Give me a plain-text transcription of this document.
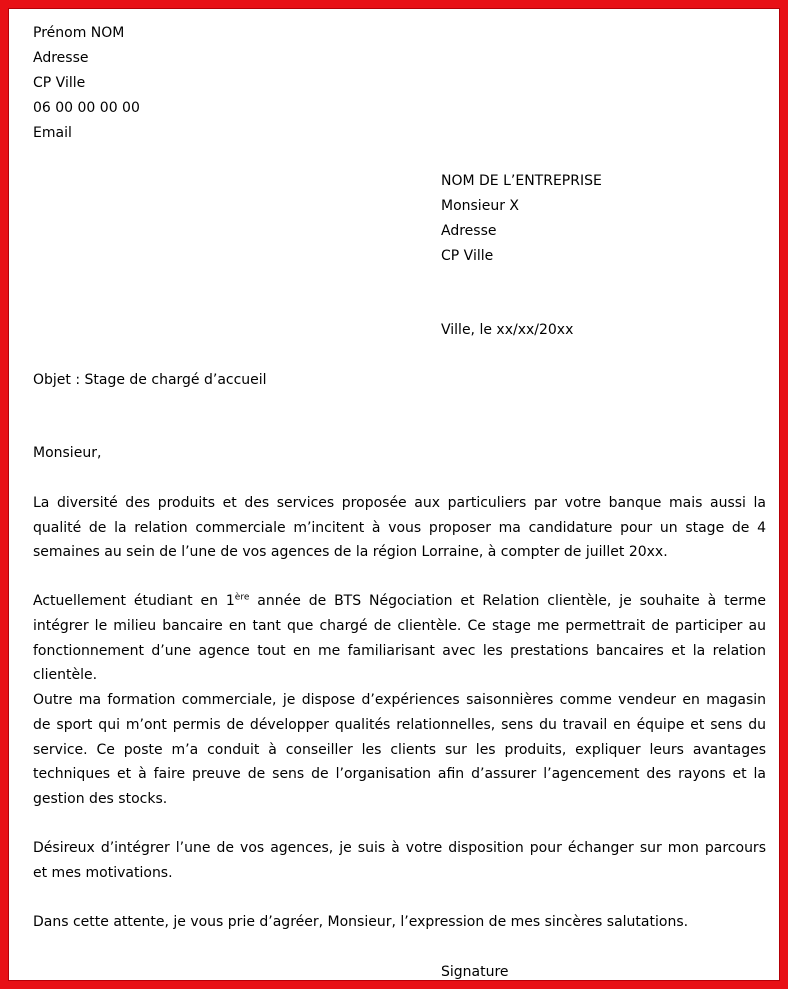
Prénom NOM

Adresse

CP Ville

06 00 00 00 00

Email

NOM DE L’ENTREPRISE

Monsieur X

Adresse

CP Ville

Ville, le xx/xx/20xx

Objet : Stage de chargé d’accueil

Monsieur,

La diversité des produits et des services proposée aux particuliers par votre banque mais aussi la

qualité de la relation commerciale m’incitent à vous proposer ma candidature pour un stage de 4

semaines au sein de l’une de vos agences de la région Lorraine, à compter de juillet 20xx.

Actuellement étudiant en 1ère année de BTS Négociation et Relation clientèle, je souhaite à terme

intégrer le milieu bancaire en tant que chargé de clientèle. Ce stage me permettrait de participer au

fonctionnement d’une agence tout en me familiarisant avec les prestations bancaires et la relation

clientèle.

Outre ma formation commerciale, je dispose d’expériences saisonnières comme vendeur en magasin

de sport qui m’ont permis de développer qualités relationnelles, sens du travail en équipe et sens du

service. Ce poste m’a conduit à conseiller les clients sur les produits, expliquer leurs avantages

techniques et à faire preuve de sens de l’organisation afin d’assurer l’agencement des rayons et la

gestion des stocks.

Désireux d’intégrer l’une de vos agences, je suis à votre disposition pour échanger sur mon parcours

et mes motivations.

Dans cette attente, je vous prie d’agréer, Monsieur, l’expression de mes sincères salutations.

Signature
